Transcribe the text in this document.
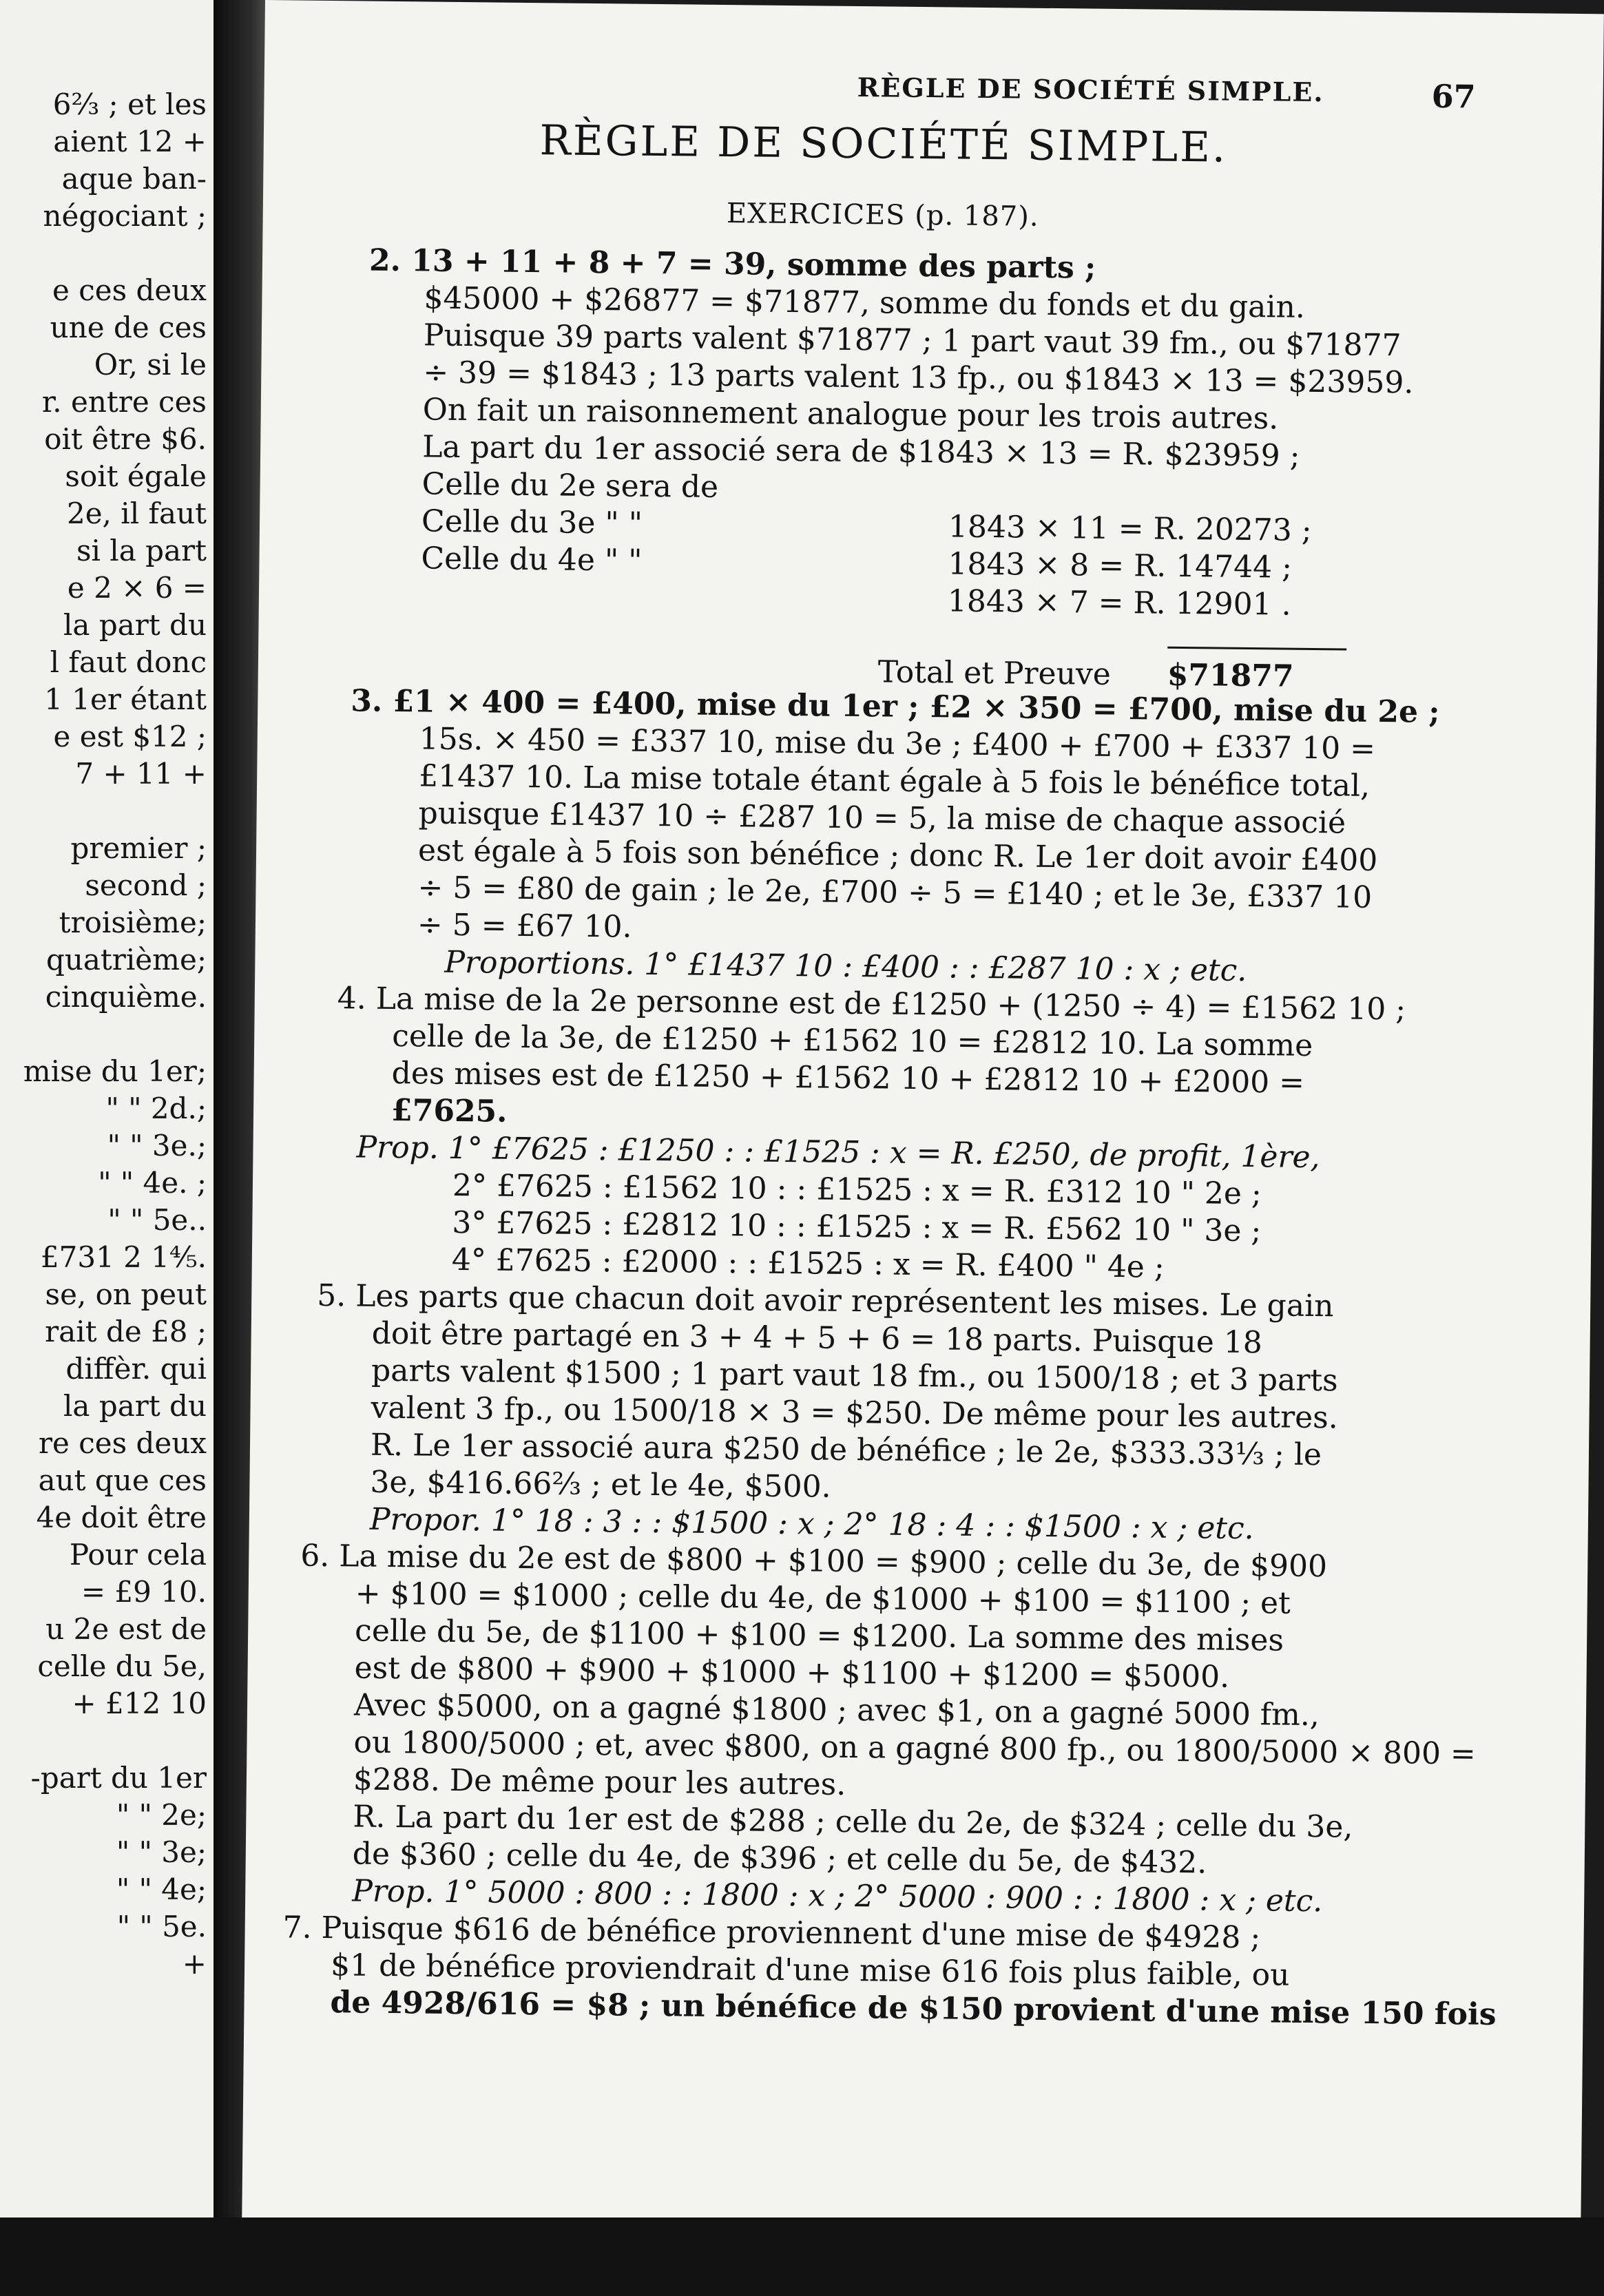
6⅔ ; et les
aient 12 +
aque ban-
négociant ;
e ces deux
une de ces
Or, si le
r. entre ces
oit être $6.
soit égale
2e, il faut
si la part
e 2 × 6 =
la part du
l faut donc
1 1er étant
e est $12 ;
7 + 11 +
premier ;
second ;
troisième;
quatrième;
cinquième.
mise du 1er;
" " 2d.;
" " 3e.;
" " 4e. ;
" " 5e..
£731 2 1⅘.
se, on peut
rait de £8 ;
diffèr. qui
la part du
re ces deux
aut que ces
4e doit être
Pour cela
= £9 10.
u 2e est de
celle du 5e,
+ £12 10
-part du 1er
" " 2e;
" " 3e;
" " 4e;
" " 5e.
+
RÈGLE DE SOCIÉTÉ SIMPLE.	67
RÈGLE DE SOCIÉTÉ SIMPLE.
EXERCICES (p. 187).
2. 13 + 11 + 8 + 7 = 39, somme des parts ;
$45000 + $26877 = $71877, somme du fonds et du gain.
Puisque 39 parts valent $71877 ; 1 part vaut 39 fm., ou $71877
÷ 39 = $1843 ; 13 parts valent 13 fp., ou $1843 × 13 = $23959.
On fait un raisonnement analogue pour les trois autres.
La part du 1er associé sera de $1843 × 13 = R. $23959 ;
Celle du 2e sera de
Celle du 3e " "
Celle du 4e " "
Total et Preuve
3. £1 × 400 = £400, mise du 1er ; £2 × 350 = £700, mise du 2e ;
15s. × 450 = £337 10, mise du 3e ; £400 + £700 + £337 10 =
£1437 10. La mise totale étant égale à 5 fois le bénéfice total,
puisque £1437 10 ÷ £287 10 = 5, la mise de chaque associé
est égale à 5 fois son bénéfice ; donc R. Le 1er doit avoir £400
÷ 5 = £80 de gain ; le 2e, £700 ÷ 5 = £140 ; et le 3e, £337 10
÷ 5 = £67 10.
Proportions. 1° £1437 10 : £400 : : £287 10 : x ; etc.
4. La mise de la 2e personne est de £1250 + (1250 ÷ 4) = £1562 10 ;
celle de la 3e, de £1250 + £1562 10 = £2812 10. La somme
des mises est de £1250 + £1562 10 + £2812 10 + £2000 =
£7625.
Prop. 1° £7625 : £1250 : : £1525 : x = R. £250, de profit, 1ère,
2° £7625 : £1562 10 : : £1525 : x = R. £312 10 " 2e ;
3° £7625 : £2812 10 : : £1525 : x = R. £562 10 " 3e ;
4° £7625 : £2000 : : £1525 : x = R. £400 " 4e ;
5. Les parts que chacun doit avoir représentent les mises. Le gain
doit être partagé en 3 + 4 + 5 + 6 = 18 parts. Puisque 18
parts valent $1500 ; 1 part vaut 18 fm., ou 1500/18 ; et 3 parts
valent 3 fp., ou 1500/18 × 3 = $250. De même pour les autres.
R. Le 1er associé aura $250 de bénéfice ; le 2e, $333.33⅓ ; le
3e, $416.66⅔ ; et le 4e, $500.
Propor. 1° 18 : 3 : : $1500 : x ; 2° 18 : 4 : : $1500 : x ; etc.
6. La mise du 2e est de $800 + $100 = $900 ; celle du 3e, de $900
+ $100 = $1000 ; celle du 4e, de $1000 + $100 = $1100 ; et
celle du 5e, de $1100 + $100 = $1200. La somme des mises
est de $800 + $900 + $1000 + $1100 + $1200 = $5000.
Avec $5000, on a gagné $1800 ; avec $1, on a gagné 5000 fm.,
ou 1800/5000 ; et, avec $800, on a gagné 800 fp., ou 1800/5000 × 800 =
$288. De même pour les autres.
R. La part du 1er est de $288 ; celle du 2e, de $324 ; celle du 3e,
de $360 ; celle du 4e, de $396 ; et celle du 5e, de $432.
Prop. 1° 5000 : 800 : : 1800 : x ; 2° 5000 : 900 : : 1800 : x ; etc.
7. Puisque $616 de bénéfice proviennent d'une mise de $4928 ;
$1 de bénéfice proviendrait d'une mise 616 fois plus faible, ou
de 4928/616 = $8 ; un bénéfice de $150 provient d'une mise 150 fois
1843 × 11 = R. 20273 ;
1843 × 8 = R. 14744 ;
1843 × 7 = R. 12901 .
$71877
